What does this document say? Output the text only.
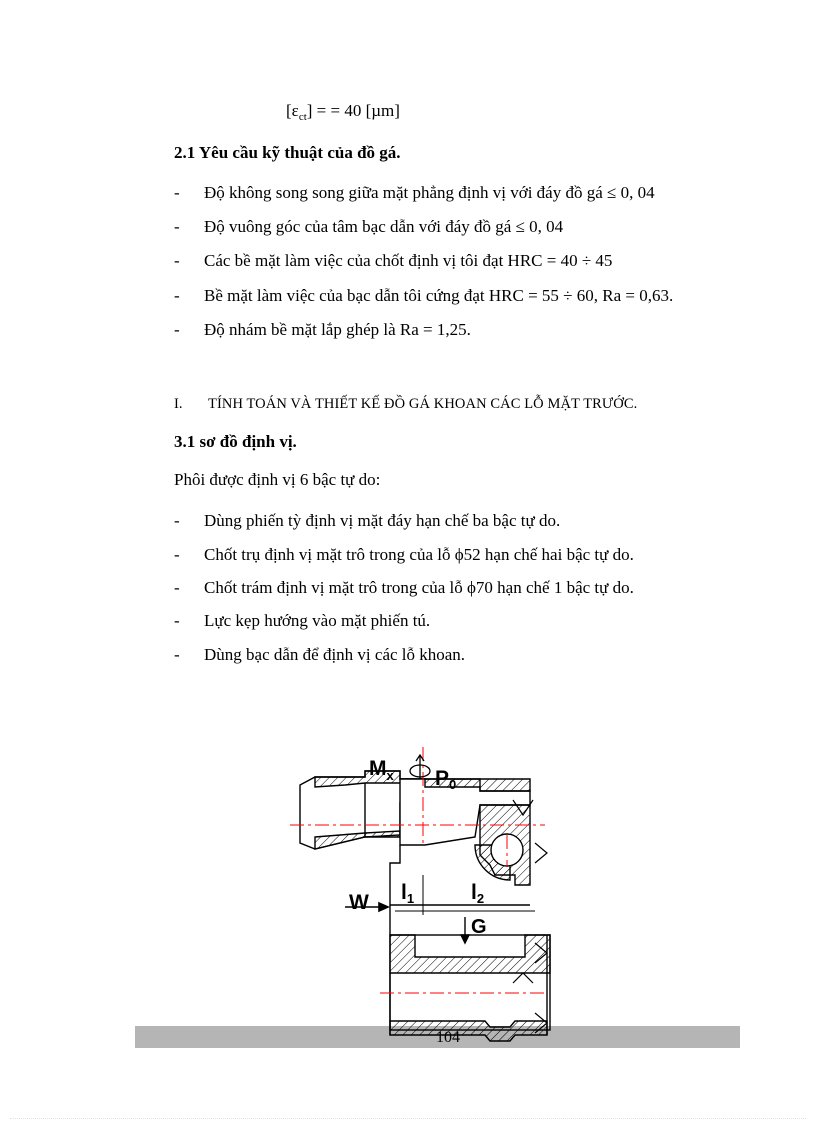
$[\varepsilon_{ct}]$ = = 40 [µm]
2.1 Yêu cầu kỹ thuật của đồ gá.
- Độ không song song giữa mặt phẳng định vị với đáy đồ gá ≤ 0, 04
- Độ vuông góc của tâm bạc dẫn với đáy đồ gá ≤ 0, 04
- Các bề mặt làm việc của chốt định vị tôi đạt HRC = 40 ÷ 45
- Bề mặt làm việc của bạc dẫn tôi cứng đạt HRC = 55 ÷ 60, Ra = 0,63.
- Độ nhám bề mặt lắp ghép là Ra = 1,25.
I. TÍNH TOÁN VÀ THIẾT KẾ ĐỒ GÁ KHOAN CÁC LỖ MẶT TRƯỚC.
3.1 sơ đồ định vị.
Phôi được định vị 6 bậc tự do:
- Dùng phiến tỳ định vị mặt đáy hạn chế ba bậc tự do.
- Chốt trụ định vị mặt trô trong của lỗ ϕ52 hạn chế hai bậc tự do.
- Chốt trám định vị mặt trô trong của lỗ ϕ70 hạn chế 1 bậc tự do.
- Lực kẹp hướng vào mặt phiến tú.
- Dùng bạc dẫn để định vị các lỗ khoan.
$M_x$ P0
W l1	l2
G
104
